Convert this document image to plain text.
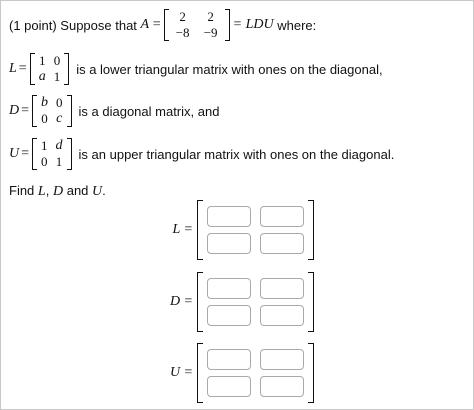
(1 point) Suppose that
A
=
2	2
−8	−9
= LDU
where:
L =
1	0
a	1 is a lower triangular matrix with ones on the diagonal,
D =
b	0
0	c is a diagonal matrix, and
U =
1	d
0	1 is an upper triangular matrix with ones on the diagonal.
Find L, D and U.
L =
D =
U =
